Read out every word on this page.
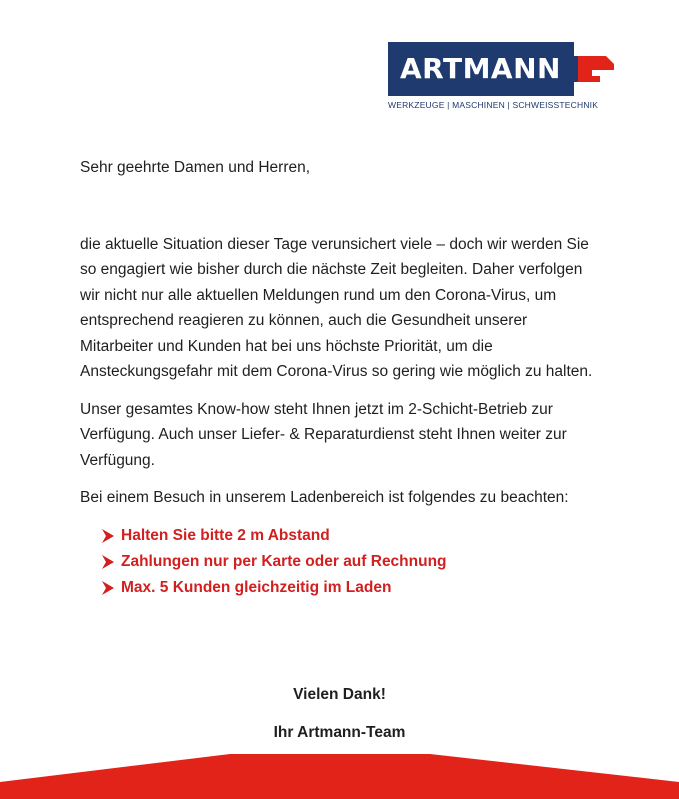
ARTMANN
WERKZEUGE | MASCHINEN | SCHWEISSTECHNIK

Sehr geehrte Damen und Herren,

die aktuelle Situation dieser Tage verunsichert viele – doch wir werden Sie so engagiert wie bisher durch die nächste Zeit begleiten. Daher verfolgen wir nicht nur alle aktuellen Meldungen rund um den Corona-Virus, um entsprechend reagieren zu können, auch die Gesundheit unserer Mitarbeiter und Kunden hat bei uns höchste Priorität, um die Ansteckungsgefahr mit dem Corona-Virus so gering wie möglich zu halten.

Unser gesamtes Know-how steht Ihnen jetzt im 2-Schicht-Betrieb zur Verfügung. Auch unser Liefer- & Reparaturdienst steht Ihnen weiter zur Verfügung.

Bei einem Besuch in unserem Ladenbereich ist folgendes zu beachten:

Halten Sie bitte 2 m Abstand
Zahlungen nur per Karte oder auf Rechnung
Max. 5 Kunden gleichzeitig im Laden
Vielen Dank!
Ihr Artmann-Team
